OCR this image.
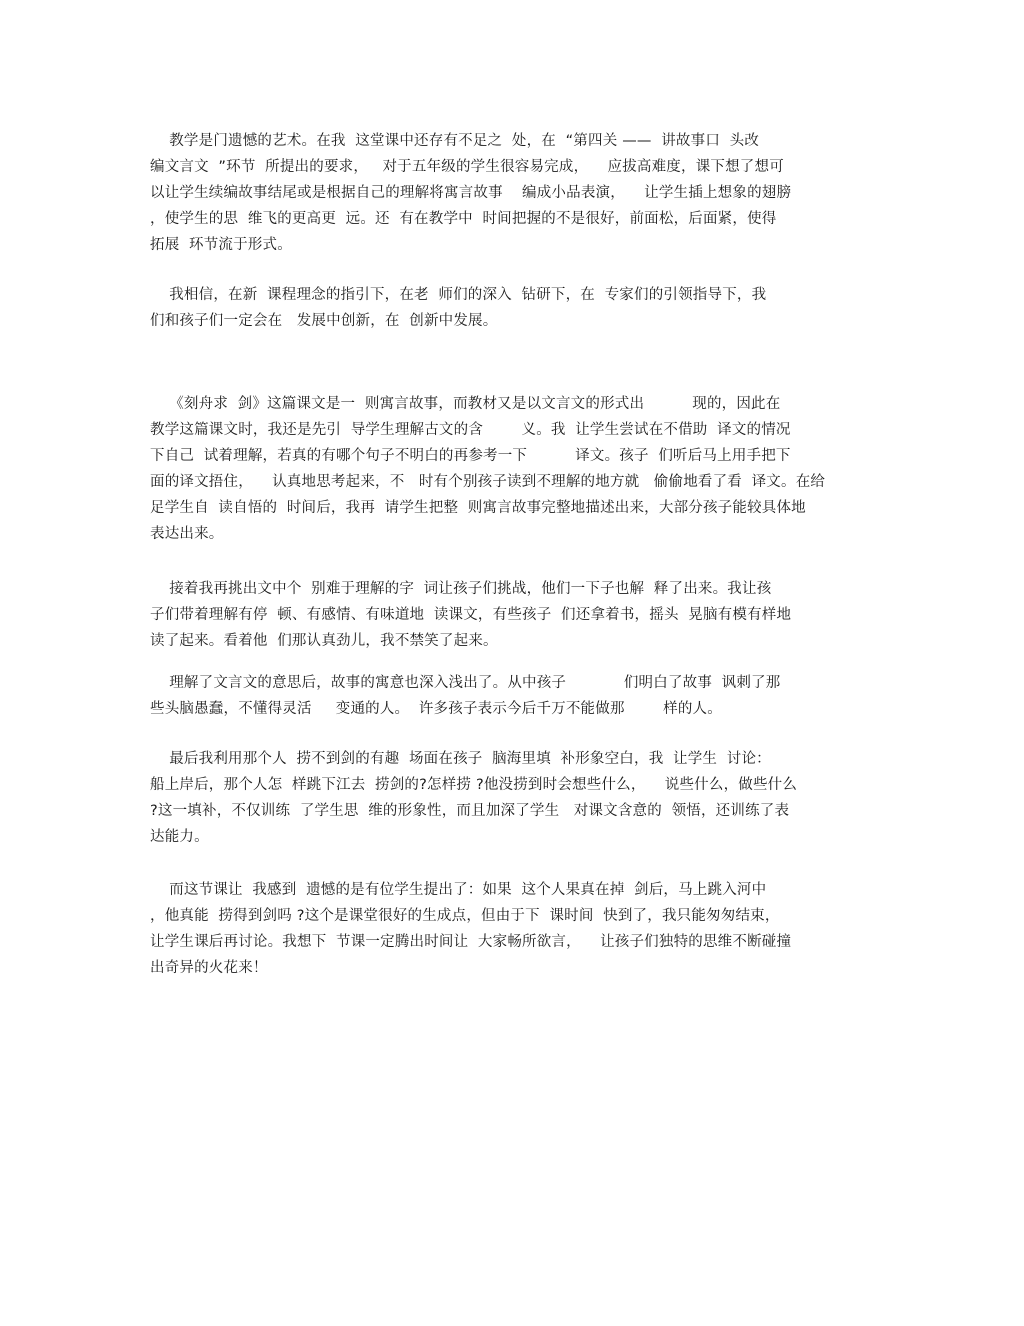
教学是门遗憾的艺术。在我  这堂课中还存有不足之  处，在  “第四关 ——  讲故事口  头改
编文言文  ”环节  所提出的要求，   对于五年级的学生很容易完成，    应拔高难度，课下想了想可
以让学生续编故事结尾或是根据自己的理解将寓言故事    编成小品表演，    让学生插上想象的翅膀
，使学生的思  维飞的更高更  远。还  有在教学中  时间把握的不是很好，前面松，后面紧，使得
拓展  环节流于形式。
我相信，在新  课程理念的指引下，在老  师们的深入  钻研下，在  专家们的引领指导下，我
们和孩子们一定会在   发展中创新，在  创新中发展。
《刻舟求  剑》这篇课文是一  则寓言故事，而教材又是以文言文的形式出          现的，因此在
教学这篇课文时，我还是先引  导学生理解古文的含        义。我  让学生尝试在不借助  译文的情况
下自己  试着理解，若真的有哪个句子不明白的再参考一下          译文。孩子  们听后马上用手把下
面的译文捂住，    认真地思考起来，不   时有个别孩子读到不理解的地方就   偷偷地看了看  译文。在给
足学生自  读自悟的  时间后，我再  请学生把整  则寓言故事完整地描述出来，大部分孩子能较具体地
表达出来。
接着我再挑出文中个  别难于理解的字  词让孩子们挑战，他们一下子也解  释了出来。我让孩
子们带着理解有停  顿、有感情、有味道地  读课文，有些孩子  们还拿着书，摇头  晃脑有模有样地
读了起来。看着他  们那认真劲儿，我不禁笑了起来。
理解了文言文的意思后，故事的寓意也深入浅出了。从中孩子            们明白了故事  讽刺了那
些头脑愚蠢，不懂得灵活     变通的人。  许多孩子表示今后千万不能做那        样的人。
最后我利用那个人  捞不到剑的有趣  场面在孩子  脑海里填  补形象空白，我  让学生  讨论：
船上岸后，那个人怎  样跳下江去  捞剑的?怎样捞 ?他没捞到时会想些什么，    说些什么，做些什么
?这一填补，不仅训练  了学生思  维的形象性，而且加深了学生   对课文含意的  领悟，还训练了表
达能力。
而这节课让  我感到  遗憾的是有位学生提出了：如果  这个人果真在掉  剑后，马上跳入河中
，他真能  捞得到剑吗 ?这个是课堂很好的生成点，但由于下  课时间  快到了，我只能匆匆结束，
让学生课后再讨论。我想下  节课一定腾出时间让  大家畅所欲言，    让孩子们独特的思维不断碰撞
出奇异的火花来！
